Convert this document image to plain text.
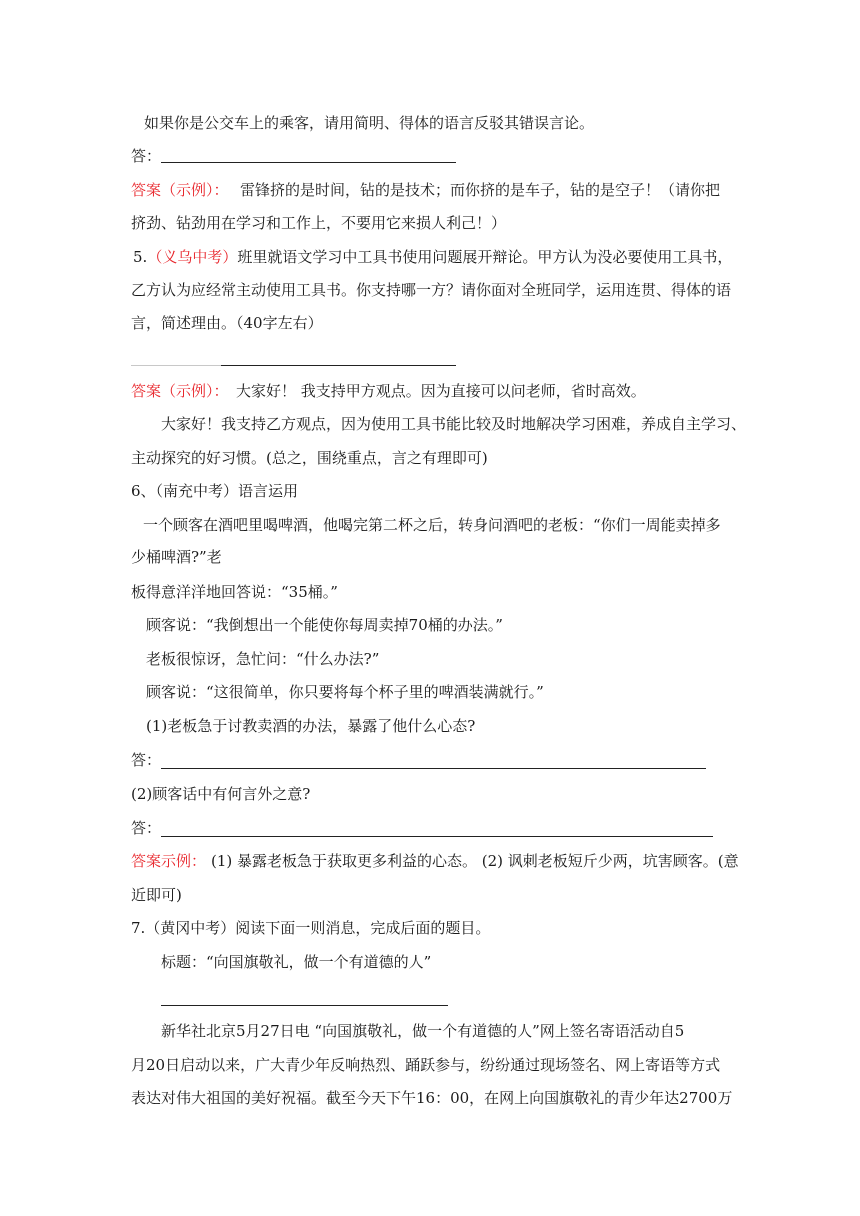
如果你是公交车上的乘客，请用简明、得体的语言反驳其错误言论。
答：
答案（示例）： 雷锋挤的是时间，钻的是技术；而你挤的是车子，钻的是空子！（请你把
挤劲、钻劲用在学习和工作上，不要用它来损人利己！）
5.（义乌中考）班里就语文学习中工具书使用问题展开辩论。甲方认为没必要使用工具书，
乙方认为应经常主动使用工具书。你支持哪一方？请你面对全班同学，运用连贯、得体的语
言，简述理由。（40字左右）
答案（示例）： 大家好！ 我支持甲方观点。因为直接可以问老师，省时高效。
大家好！我支持乙方观点，因为使用工具书能比较及时地解决学习困难，养成自主学习、
主动探究的好习惯。(总之，围绕重点，言之有理即可)
6、（南充中考）语言运用
一个顾客在酒吧里喝啤酒，他喝完第二杯之后，转身问酒吧的老板：“你们一周能卖掉多
少桶啤酒?”老
板得意洋洋地回答说：“35桶。”
顾客说：“我倒想出一个能使你每周卖掉70桶的办法。”
老板很惊讶，急忙问：“什么办法?”
顾客说：“这很简单，你只要将每个杯子里的啤酒装满就行。”
(1)老板急于讨教卖酒的办法，暴露了他什么心态?
答：
(2)顾客话中有何言外之意?
答：
答案示例： (1) 暴露老板急于获取更多利益的心态。 (2) 讽刺老板短斤少两，坑害顾客。(意
近即可)
7.（黄冈中考）阅读下面一则消息，完成后面的题目。
标题：“向国旗敬礼，做一个有道德的人”
新华社北京5月27日电 “向国旗敬礼，做一个有道德的人”网上签名寄语活动自5
月20日启动以来，广大青少年反响热烈、踊跃参与，纷纷通过现场签名、网上寄语等方式
表达对伟大祖国的美好祝福。截至今天下午16：00，在网上向国旗敬礼的青少年达2700万
